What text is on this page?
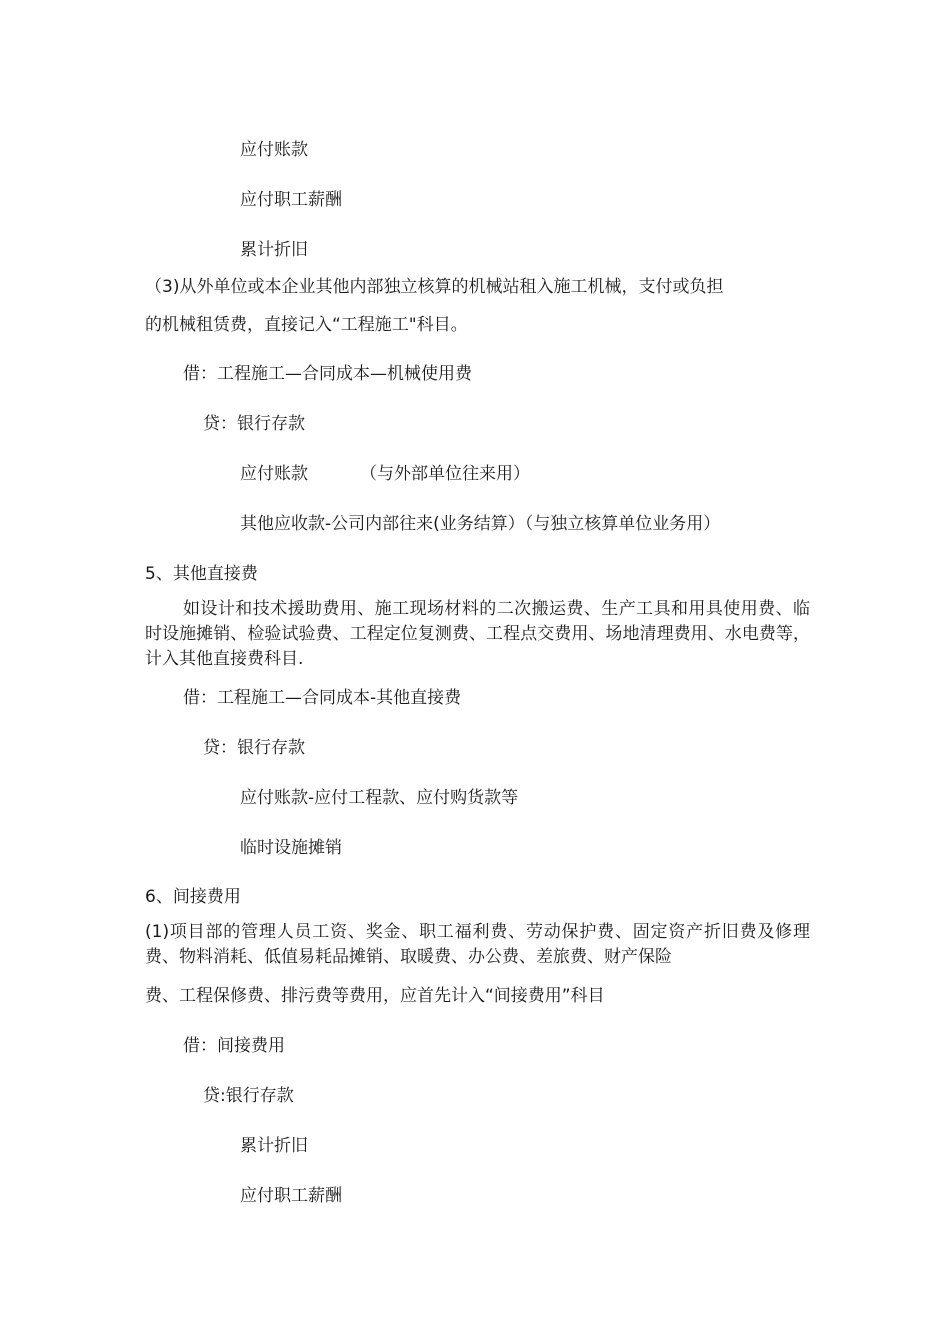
应付账款
应付职工薪酬
累计折旧
（3)从外单位或本企业其他内部独立核算的机械站租入施工机械，支付或负担
的机械租赁费，直接记入“工程施工"科目。
借：工程施工—合同成本—机械使用费
贷：银行存款
应付账款	（与外部单位往来用）
其他应收款-公司内部往来(业务结算）（与独立核算单位业务用）
5、其他直接费
如设计和技术援助费用、施工现场材料的二次搬运费、生产工具和用具使用费、临时设施摊销、检验试验费、工程定位复测费、工程点交费用、场地清理费用、水电费等，计入其他直接费科目.
借：工程施工—合同成本-其他直接费
贷：银行存款
应付账款-应付工程款、应付购货款等
临时设施摊销
6、间接费用
(1)项目部的管理人员工资、奖金、职工福利费、劳动保护费、固定资产折旧费及修理费、物料消耗、低值易耗品摊销、取暖费、办公费、差旅费、财产保险
费、工程保修费、排污费等费用，应首先计入“间接费用”科目
借：间接费用
贷:银行存款
累计折旧
应付职工薪酬
